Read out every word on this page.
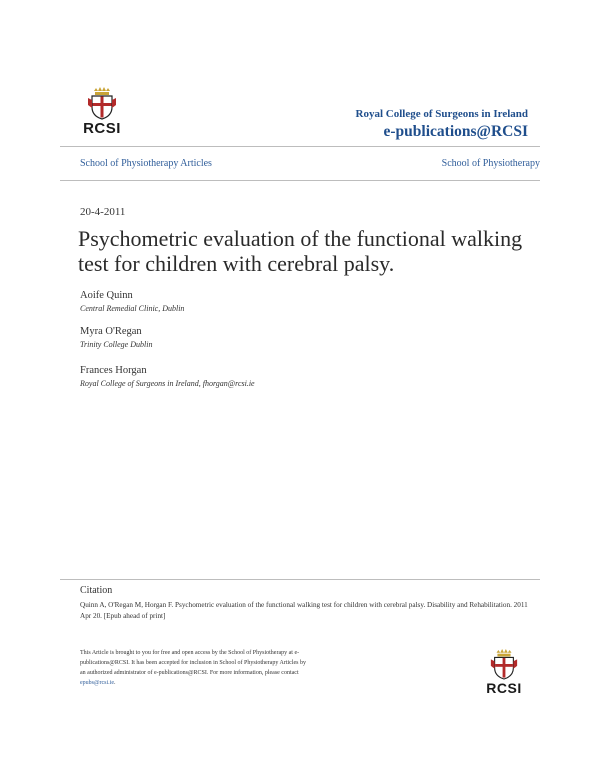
RCSI
Royal College of Surgeons in Ireland
e-publications@RCSI
School of Physiotherapy Articles	School of Physiotherapy
20-4-2011
Psychometric evaluation of the functional walking test for children with cerebral palsy.
Aoife Quinn
Central Remedial Clinic, Dublin
Myra O'Regan
Trinity College Dublin
Frances Horgan
Royal College of Surgeons in Ireland, fhorgan@rcsi.ie
Citation

Quinn A, O'Regan M, Horgan F. Psychometric evaluation of the functional walking test for children with cerebral palsy. Disability and Rehabilitation. 2011 Apr 20. [Epub ahead of print]

This Article is brought to you for free and open access by the School of Physiotherapy at e-publications@RCSI. It has been accepted for inclusion in School of Physiotherapy Articles by an authorized administrator of e-publications@RCSI. For more information, please contact epubs@rcsi.ie.	RCSI
